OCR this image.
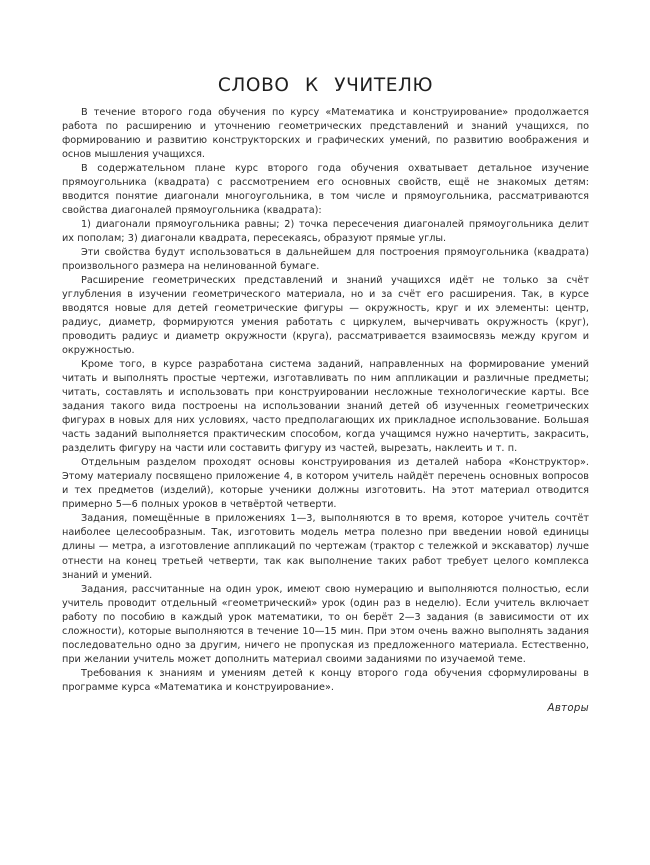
СЛОВО К УЧИТЕЛЮ

В течение второго года обучения по курсу «Математика и конструирование» продолжается работа по расширению и уточнению геометрических представлений и знаний учащихся, по формированию и развитию конструкторских и графических умений, по развитию воображения и основ мышления учащихся.

В содержательном плане курс второго года обучения охватывает детальное изучение прямоугольника (квадрата) с рассмотрением его основных свойств, ещё не знакомых детям: вводится понятие диагонали многоугольника, в том числе и прямоугольника, рассматриваются свойства диагоналей прямоугольника (квадрата):

1) диагонали прямоугольника равны; 2) точка пересечения диагоналей прямоугольника делит их пополам; 3) диагонали квадрата, пересекаясь, образуют прямые углы.

Эти свойства будут использоваться в дальнейшем для построения прямоугольника (квадрата) произвольного размера на нелинованной бумаге.

Расширение геометрических представлений и знаний учащихся идёт не только за счёт углубления в изучении геометрического материала, но и за счёт его расширения. Так, в курсе вводятся новые для детей геометрические фигуры — окружность, круг и их элементы: центр, радиус, диаметр, формируются умения работать с циркулем, вычерчивать окружность (круг), проводить радиус и диаметр окружности (круга), рассматривается взаимосвязь между кругом и окружностью.

Кроме того, в курсе разработана система заданий, направленных на формирование умений читать и выполнять простые чертежи, изготавливать по ним аппликации и различные предметы; читать, составлять и использовать при конструировании несложные технологические карты. Все задания такого вида построены на использовании знаний детей об изученных геометрических фигурах в новых для них условиях, часто предполагающих их прикладное использование. Большая часть заданий выполняется практическим способом, когда учащимся нужно начертить, закрасить, разделить фигуру на части или составить фигуру из частей, вырезать, наклеить и т. п.

Отдельным разделом проходят основы конструирования из деталей набора «Конструктор». Этому материалу посвящено приложение 4, в котором учитель найдёт перечень основных вопросов и тех предметов (изделий), которые ученики должны изготовить. На этот материал отводится примерно 5—6 полных уроков в четвёртой четверти.

Задания, помещённые в приложениях 1—3, выполняются в то время, которое учитель сочтёт наиболее целесообразным. Так, изготовить модель метра полезно при введении новой единицы длины — метра, а изготовление аппликаций по чертежам (трактор с тележкой и экскаватор) лучше отнести на конец третьей четверти, так как выполнение таких работ требует целого комплекса знаний и умений.

Задания, рассчитанные на один урок, имеют свою нумерацию и выполняются полностью, если учитель проводит отдельный «геометрический» урок (один раз в неделю). Если учитель включает работу по пособию в каждый урок математики, то он берёт 2—3 задания (в зависимости от их сложности), которые выполняются в течение 10—15 мин. При этом очень важно выполнять задания последовательно одно за другим, ничего не пропуская из предложенного материала. Естественно, при желании учитель может дополнить материал своими заданиями по изучаемой теме.

Требования к знаниям и умениям детей к концу второго года обучения сформулированы в программе курса «Математика и конструирование».

Авторы
